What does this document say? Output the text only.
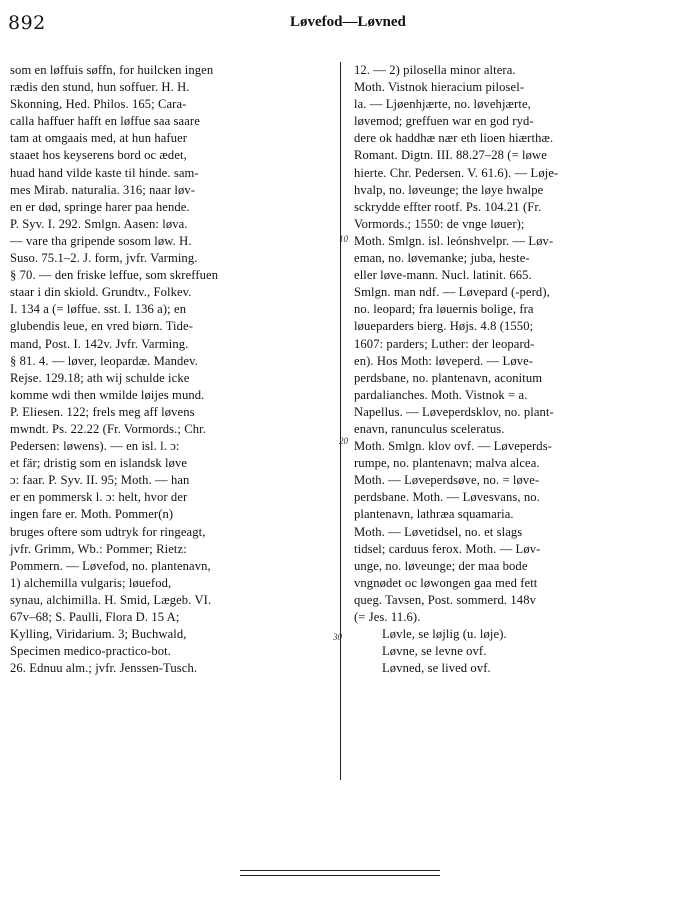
892	Løvefod—Løvned
som en løffuis søffn, for huilcken ingen
rædis den stund, hun soffuer. H. H.
Skonning, Hed. Philos. 165; Cara-
calla haffuer hafft en løffue saa saare
tam at omgaais med, at hun hafuer
staaet hos keyserens bord oc ædet,
huad hand vilde kaste til hinde. sam-
mes Mirab. naturalia. 316; naar løv-
en er død, springe harer paa hende.
P. Syv. I. 292. Smlgn. Aasen: løva.
— vare tha gripende sosom løw. H.
Suso. 75.1–2. J. form, jvfr. Varming.
§ 70. — den friske leffue, som skreffuen
staar i din skiold. Grundtv., Folkev.
I. 134 a (= løffue. sst. I. 136 a); en
glubendis leue, en vred biørn. Tide-
mand, Post. I. 142v. Jvfr. Varming.
§ 81. 4. — løver, leopardæ. Mandev.
Rejse. 129.18; ath wij schulde icke
komme wdi then wmilde løijes mund.
P. Eliesen. 122; frels meg aff løvens
mwndt. Ps. 22.22 (Fr. Vormords.; Chr.
Pedersen: løwens). — en isl. l. ɔ:
et fär; dristig som en islandsk løve
ɔ: faar. P. Syv. II. 95; Moth. — han
er en pommersk l. ɔ: helt, hvor der
ingen fare er. Moth. Pommer(n)
bruges oftere som udtryk for ringeagt,
jvfr. Grimm, Wb.: Pommer; Rietz:
Pommern. — Løvefod, no. plantenavn,
1) alchemilla vulgaris; løuefod,
synau, alchimilla. H. Smid, Lægeb. VI.
67v–68; S. Paulli, Flora D. 15 A;
Kylling, Viridarium. 3; Buchwald,
Specimen medico-practico-bot.
26. Ednuu alm.; jvfr. Jenssen-Tusch.
12. — 2) pilosella minor altera.
Moth. Vistnok hieracium pilosel-
la. — Ljøenhjærte, no. løvehjærte,
løvemod; greffuen war en god ryd-
dere ok haddhæ nær eth lioen hiærthæ.
Romant. Digtn. III. 88.27–28 (= løwe
hierte. Chr. Pedersen. V. 61.6). — Løje-
hvalp, no. løveunge; the løye hwalpe
sckrydde effter rootf. Ps. 104.21 (Fr.
Vormords.; 1550: de vnge løuer);
Moth. Smlgn. isl. leónshvelpr. — Løv-
eman, no. løvemanke; juba, heste-
eller løve-mann. Nucl. latinit. 665.
Smlgn. man ndf. — Løvepard (-perd),
no. leopard; fra løuernis bolige, fra
løueparders bierg. Højs. 4.8 (1550;
1607: parders; Luther: der leopard-
en). Hos Moth: løveperd. — Løve-
perdsbane, no. plantenavn, aconitum
pardalianches. Moth. Vistnok = a.
Napellus. — Løveperdsklov, no. plant-
enavn, ranunculus sceleratus.
Moth. Smlgn. klov ovf. — Løveperds-
rumpe, no. plantenavn; malva alcea.
Moth. — Løveperdsøve, no. = løve-
perdsbane. Moth. — Løvesvans, no.
plantenavn, lathræa squamaria.
Moth. — Løvetidsel, no. et slags
tidsel; carduus ferox. Moth. — Løv-
unge, no. løveunge; der maa bode
vngnødet oc løwongen gaa med fett
queg. Tavsen, Post. sommerd. 148v
(= Jes. 11.6).
Løvle, se løjlig (u. løje).
Løvne, se levne ovf.
Løvned, se lived ovf.
10
20
30
